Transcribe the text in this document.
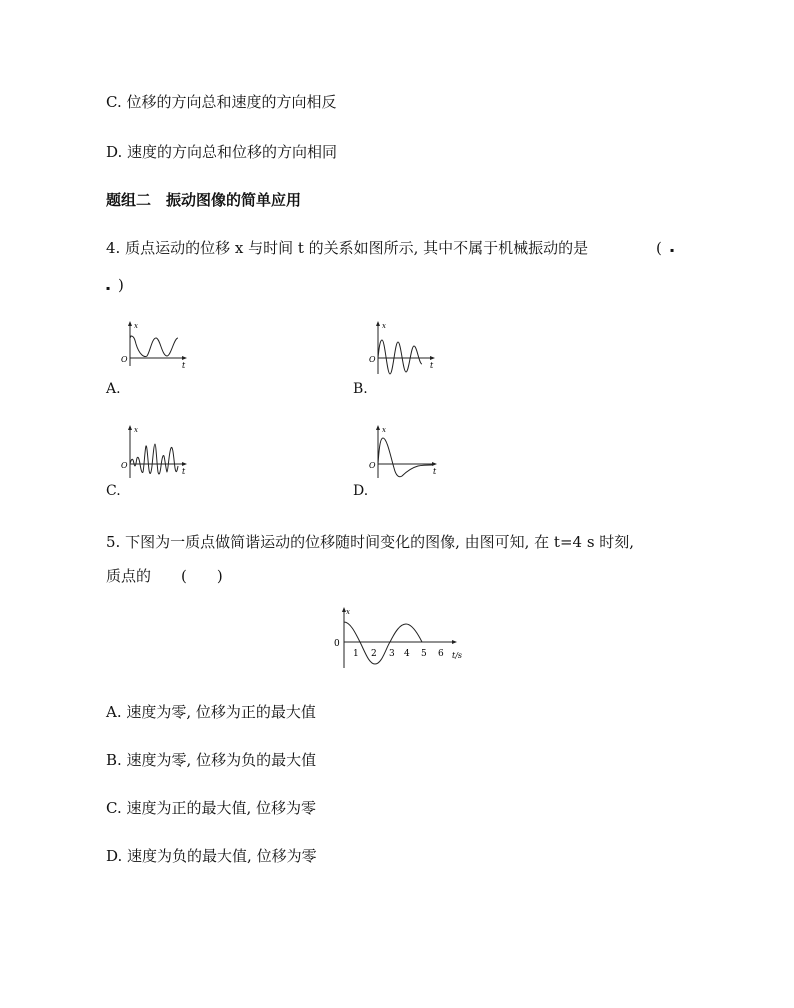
C. 位移的方向总和速度的方向相反
D. 速度的方向总和位移的方向相同
题组二　振动图像的简单应用
4. 质点运动的位移 x 与时间 t 的关系如图所示, 其中不属于机械振动的是	( ▪
▪ )
A.
x
O
t
B.
x
O
t
C.
x
O
t
D.
x
O
t
5. 下图为一质点做简谐运动的位移随时间变化的图像, 由图可知, 在 t=4 s 时刻,
质点的　　(　　)
x
0
t/s
1 2 3 4 5 6
A. 速度为零, 位移为正的最大值
B. 速度为零, 位移为负的最大值
C. 速度为正的最大值, 位移为零
D. 速度为负的最大值, 位移为零
